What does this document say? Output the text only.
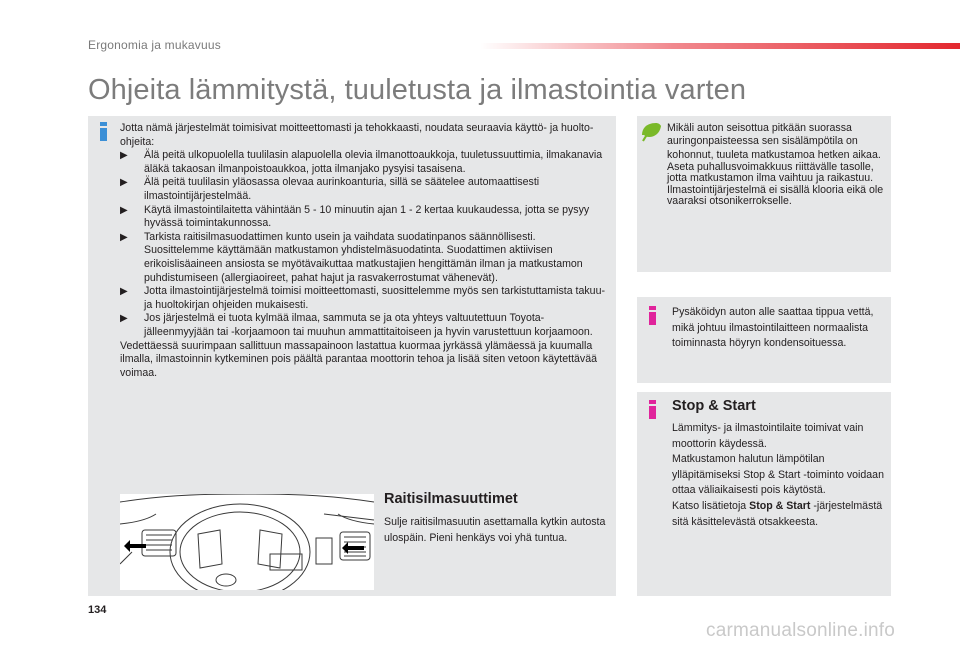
Ergonomia ja mukavuus
Ohjeita lämmitystä, tuuletusta ja ilmastointia varten

Jotta nämä järjestelmät toimisivat moitteettomasti ja tehokkaasti, noudata seuraavia käyttö- ja huolto-ohjeita:

▶ Älä peitä ulkopuolella tuulilasin alapuolella olevia ilmanottoaukkoja, tuuletussuuttimia, ilmakanavia äläkä takaosan ilmanpoistoaukkoa, jotta ilmanjako pysyisi tasaisena.
▶ Älä peitä tuulilasin yläosassa olevaa aurinkoanturia, sillä se säätelee automaattisesti ilmastointijärjestelmää.
▶ Käytä ilmastointilaitetta vähintään 5 - 10 minuutin ajan 1 - 2 kertaa kuukaudessa, jotta se pysyy hyvässä toimintakunnossa.
▶ Tarkista raitisilmasuodattimen kunto usein ja vaihdata suodatinpanos säännöllisesti. Suosittelemme käyttämään matkustamon yhdistelmäsuodatinta. Suodattimen aktiivisen erikoislisäaineen ansiosta se myötävaikuttaa matkustajien hengittämän ilman ja matkustamon puhdistumiseen (allergiaoireet, pahat hajut ja rasvakerrostumat vähenevät).
▶ Jotta ilmastointijärjestelmä toimisi moitteettomasti, suosittelemme myös sen tarkistuttamista takuu- ja huoltokirjan ohjeiden mukaisesti.
▶ Jos järjestelmä ei tuota kylmää ilmaa, sammuta se ja ota yhteys valtuutettuun Toyota-jälleenmyyjään tai -korjaamoon tai muuhun ammattitaitoiseen ja hyvin varustettuun korjaamoon.

Vedettäessä suurimpaan sallittuun massapainoon lastattua kuormaa jyrkässä ylämäessä ja kuumalla ilmalla, ilmastoinnin kytkeminen pois päältä parantaa moottorin tehoa ja lisää siten vetoon käytettävää voimaa.

Raitisilmasuuttimet

Sulje raitisilmasuutin asettamalla kytkin autosta ulospäin. Pieni henkäys voi yhä tuntua.

Mikäli auton seisottua pitkään suorassa auringonpaisteessa sen sisälämpötila on kohonnut, tuuleta matkustamoa hetken aikaa.

Aseta puhallusvoimakkuus riittävälle tasolle, jotta matkustamon ilma vaihtuu ja raikastuu.

Ilmastointijärjestelmä ei sisällä klooria eikä ole vaaraksi otsonikerrokselle.

Pysäköidyn auton alle saattaa tippua vettä, mikä johtuu ilmastointilaitteen normaalista toiminnasta höyryn kondensoituessa.

Stop & Start

Lämmitys- ja ilmastointilaite toimivat vain moottorin käydessä.

Matkustamon halutun lämpötilan ylläpitämiseksi Stop & Start -toiminto voidaan ottaa väliaikaisesti pois käytöstä.

Katso lisätietoja Stop & Start -järjestelmästä sitä käsittelevästä otsakkeesta.

134
carmanualsonline.info
